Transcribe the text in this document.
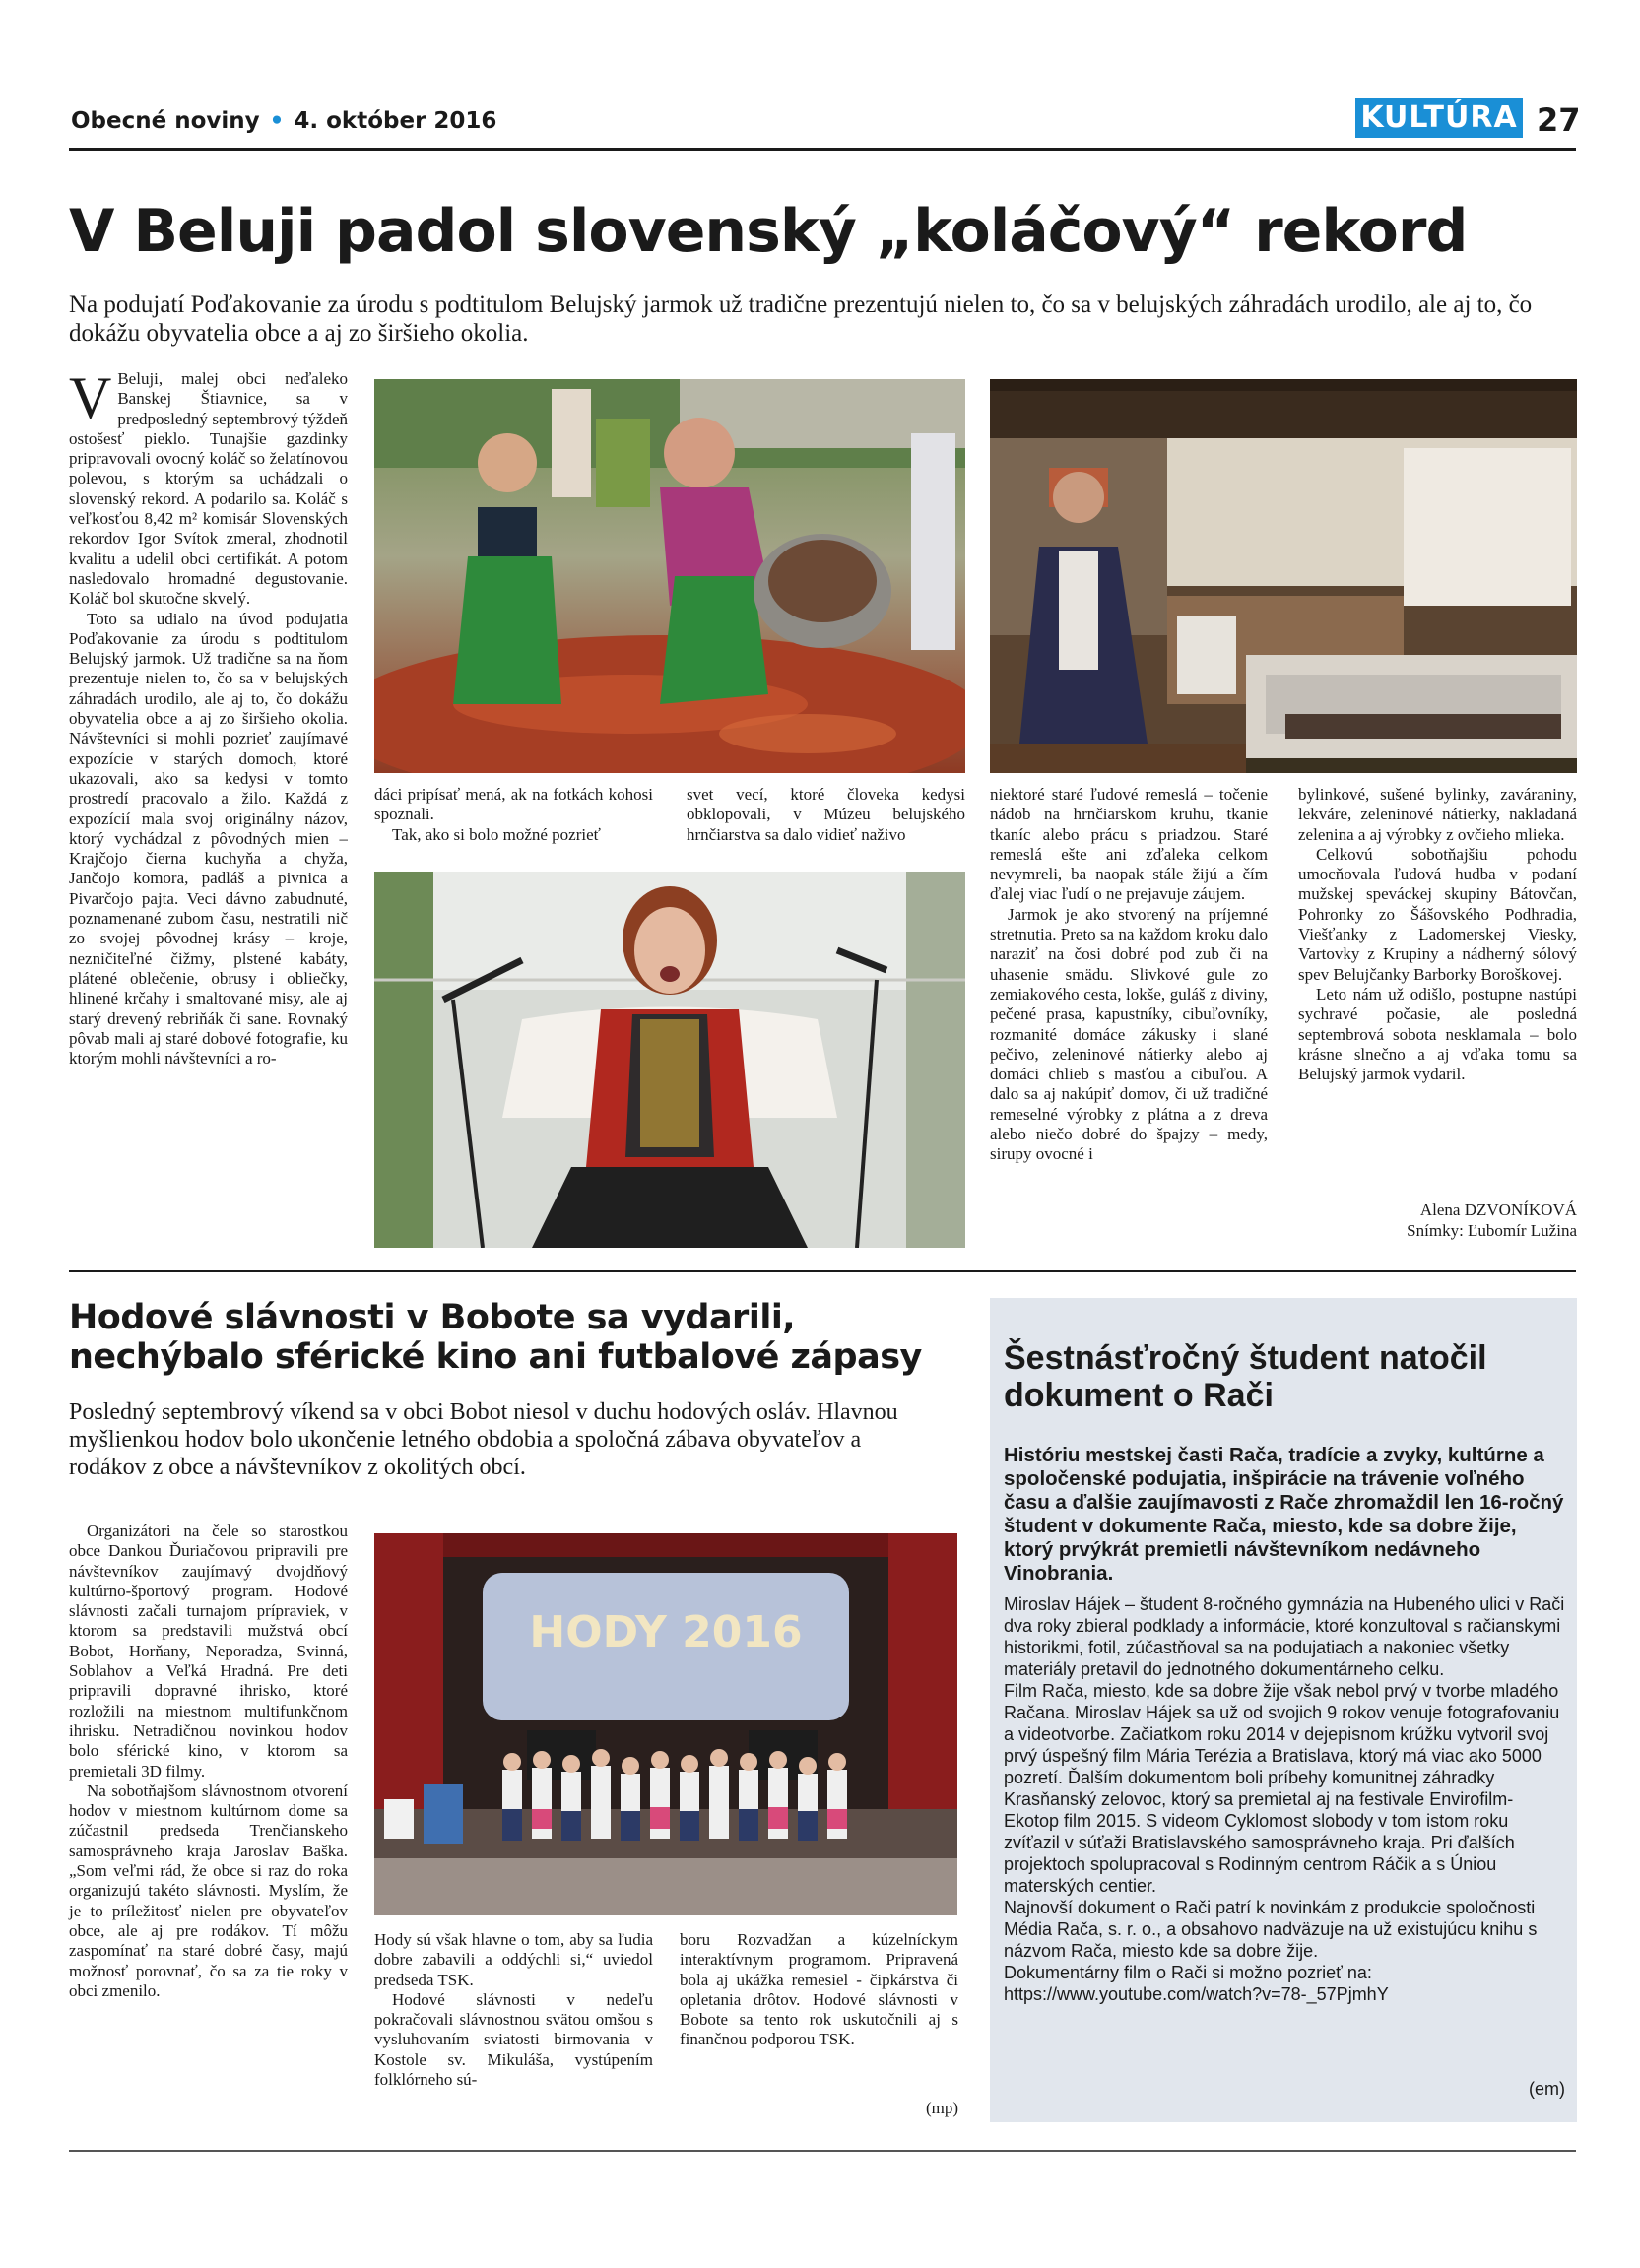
Obecné noviny • 4. október 2016	KULTÚRA 27
V Beluji padol slovenský „koláčový“ rekord
Na podujatí Poďakovanie za úrodu s podtitulom Belujský jarmok už tradične prezentujú nielen to, čo sa v belujských záhradách urodilo, ale aj to, čo dokážu obyvatelia obce a aj zo širšieho okolia.

V Beluji, malej obci neďaleko Banskej Štiavnice, sa v predposledný septembrový týždeň ostošesť pieklo. Tunajšie gazdinky pripravovali ovocný koláč so želatínovou polevou, s ktorým sa uchádzali o slovenský rekord. A podarilo sa. Koláč s veľkosťou 8,42 m² komisár Slovenských rekordov Igor Svítok zmeral, zhodnotil kvalitu a udelil obci certifikát. A potom nasledovalo hromadné degustovanie. Koláč bol skutočne skvelý.

Toto sa udialo na úvod podujatia Poďakovanie za úrodu s podtitulom Belujský jarmok. Už tradične sa na ňom prezentuje nielen to, čo sa v belujských záhradách urodilo, ale aj to, čo dokážu obyvatelia obce a aj zo širšieho okolia. Návštevníci si mohli pozrieť zaujímavé expozície v starých domoch, ktoré ukazovali, ako sa kedysi v tomto prostredí pracovalo a žilo. Každá z expozícií mala svoj originálny názov, ktorý vychádzal z pôvodných mien – Krajčojo čierna kuchyňa a chyža, Jančojo komora, padláš a pivnica a Pivarčojo pajta. Veci dávno zabudnuté, poznamenané zubom času, nestratili nič zo svojej pôvodnej krásy – kroje, nezničiteľné čižmy, plstené kabáty, plátené oblečenie, obrusy i obliečky, hlinené krčahy i smaltované misy, ale aj starý drevený rebriňák či sane. Rovnaký pôvab mali aj staré dobové fotografie, ku ktorým mohli návštevníci a ro-

dáci pripísať mená, ak na fotkách kohosi spoznali.

Tak, ako si bolo možné pozrieť

svet vecí, ktoré človeka kedysi obklopovali, v Múzeu belujského hrnčiarstva sa dalo vidieť naživo

niektoré staré ľudové remeslá – točenie nádob na hrnčiarskom kruhu, tkanie tkaníc alebo prácu s priadzou. Staré remeslá ešte ani zďaleka celkom nevymreli, ba naopak stále žijú a čím ďalej viac ľudí o ne prejavuje záujem.

Jarmok je ako stvorený na príjemné stretnutia. Preto sa na každom kroku dalo naraziť na čosi dobré pod zub či na uhasenie smädu. Slivkové gule zo zemiakového cesta, lokše, guláš z diviny, pečené prasa, kapustníky, cibuľovníky, rozmanité domáce zákusky i slané pečivo, zeleninové nátierky alebo aj domáci chlieb s masťou a cibuľou. A dalo sa aj nakúpiť domov, či už tradičné remeselné výrobky z plátna a z dreva alebo niečo dobré do špajzy – medy, sirupy ovocné i

bylinkové, sušené bylinky, zaváraniny, lekváre, zeleninové nátierky, nakladaná zelenina a aj výrobky z ovčieho mlieka.

Celkovú sobotňajšiu pohodu umocňovala ľudová hudba v podaní mužskej speváckej skupiny Bátovčan, Pohronky zo Šášovského Podhradia, Viešťanky z Ladomerskej Viesky, Vartovky z Krupiny a nádherný sólový spev Belujčanky Barborky Boroškovej.

Leto nám už odišlo, postupne nastúpi sychravé počasie, ale posledná septembrová sobota nesklamala – bolo krásne slnečno a aj vďaka tomu sa Belujský jarmok vydaril.

Alena DZVONÍKOVÁ
Snímky: Ľubomír Lužina
Hodové slávnosti v Bobote sa vydarili,
nechýbalo sférické kino ani futbalové zápasy
Posledný septembrový víkend sa v obci Bobot niesol v duchu hodových osláv. Hlavnou myšlienkou hodov bolo ukončenie letného obdobia a spoločná zábava obyvateľov a rodákov z obce a návštevníkov z okolitých obcí.

Organizátori na čele so starostkou obce Dankou Ďuriačovou pripravili pre návštevníkov zaujímavý dvojdňový kultúrno-športový program. Hodové slávnosti začali turnajom prípraviek, v ktorom sa predstavili mužstvá obcí Bobot, Horňany, Neporadza, Svinná, Soblahov a Veľká Hradná. Pre deti pripravili dopravné ihrisko, ktoré rozložili na miestnom multifunkčnom ihrisku. Netradičnou novinkou hodov bolo sférické kino, v ktorom sa premietali 3D filmy.

Na sobotňajšom slávnostnom otvorení hodov v miestnom kultúrnom dome sa zúčastnil predseda Trenčianskeho samosprávneho kraja Jaroslav Baška. „Som veľmi rád, že obce si raz do roka organizujú takéto slávnosti. Myslím, že je to príležitosť nielen pre obyvateľov obce, ale aj pre rodákov. Tí môžu zaspomínať na staré dobré časy, majú možnosť porovnať, čo sa za tie roky v obci zmenilo.

HODY 2016

Hody sú však hlavne o tom, aby sa ľudia dobre zabavili a oddýchli si,“ uviedol predseda TSK.

Hodové slávnosti v nedeľu pokračovali slávnostnou svätou omšou s vysluhovaním sviatosti birmovania v Kostole sv. Mikuláša, vystúpením folklórneho sú-

boru Rozvadžan a kúzelníckym interaktívnym programom. Pripravená bola aj ukážka remesiel - čipkárstva či opletania drôtov. Hodové slávnosti v Bobote sa tento rok uskutočnili aj s finančnou podporou TSK.

(mp)
Šestnásťročný študent natočil dokument o Rači
Históriu mestskej časti Rača, tradície a zvyky, kultúrne a spoločenské podujatia, inšpirácie na trávenie voľného času a ďalšie zaujímavosti z Rače zhromaždil len 16-ročný študent v dokumente Rača, miesto, kde sa dobre žije, ktorý prvýkrát premietli návštevníkom nedávneho Vinobrania.

Miroslav Hájek – študent 8-ročného gymnázia na Hubeného ulici v Rači dva roky zbieral podklady a informácie, ktoré konzultoval s račianskymi historikmi, fotil, zúčastňoval sa na podujatiach a nakoniec všetky materiály pretavil do jednotného dokumentárneho celku.

Film Rača, miesto, kde sa dobre žije však nebol prvý v tvorbe mladého Račana. Miroslav Hájek sa už od svojich 9 rokov venuje fotografovaniu a videotvorbe. Začiatkom roku 2014 v dejepisnom krúžku vytvoril svoj prvý úspešný film Mária Terézia a Bratislava, ktorý má viac ako 5000 pozretí. Ďalším dokumentom boli príbehy komunitnej záhradky Krasňanský zelovoc, ktorý sa premietal aj na festivale Envirofilm-Ekotop film 2015. S videom Cyklomost slobody v tom istom roku zvíťazil v súťaži Bratislavského samosprávneho kraja. Pri ďalších projektoch spolupracoval s Rodinným centrom Ráčik a s Úniou materských centier.

Najnovší dokument o Rači patrí k novinkám z produkcie spoločnosti Média Rača, s. r. o., a obsahovo nadväzuje na už existujúcu knihu s názvom Rača, miesto kde sa dobre žije.

Dokumentárny film o Rači si možno pozrieť na:

https://www.youtube.com/watch?v=78-_57PjmhY

(em)
